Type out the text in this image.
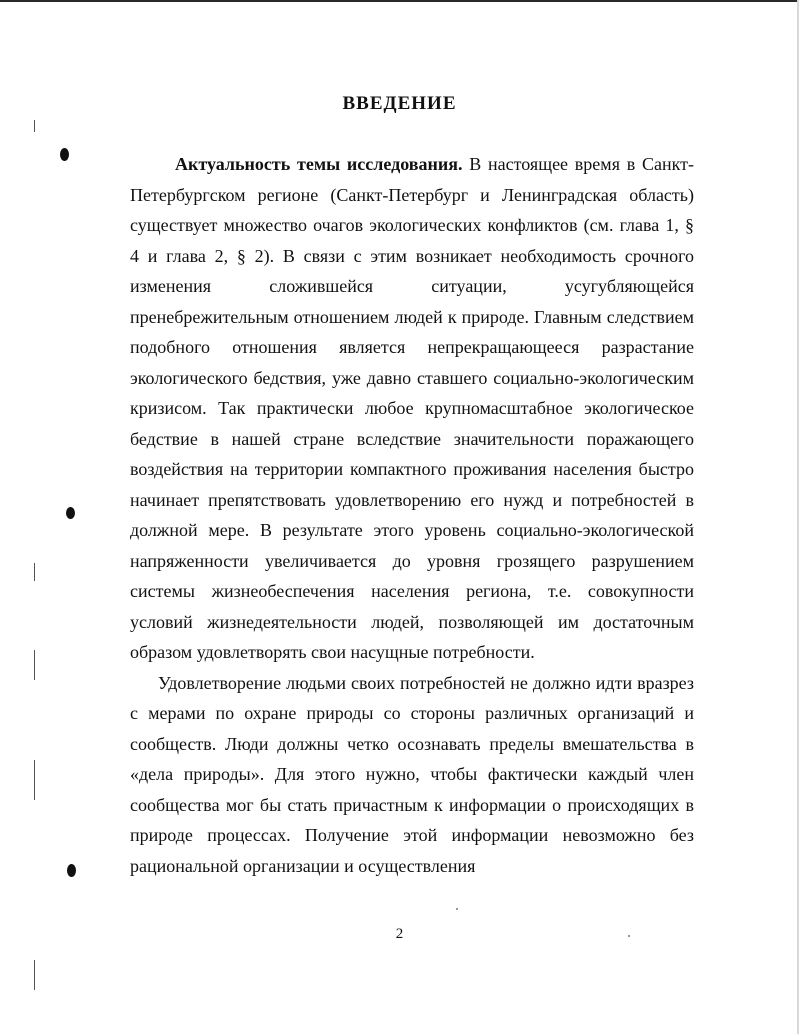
ВВЕДЕНИЕ

Актуальность темы исследования. В настоящее время в Санкт-Петербургском регионе (Санкт-Петербург и Ленинградская область) существует множество очагов экологических конфликтов (см. глава 1, § 4 и глава 2, § 2). В связи с этим возникает необходимость срочного изменения сложившейся ситуации, усугубляющейся пренебрежительным отношением людей к природе. Главным следствием подобного отношения является непрекращающееся разрастание экологического бедствия, уже давно ставшего социально-экологическим кризисом. Так практически любое крупномасштабное экологическое бедствие в нашей стране вследствие значительности поражающего воздействия на территории компактного проживания населения быстро начинает препятствовать удовлетворению его нужд и потребностей в должной мере. В результате этого уровень социально-экологической напряженности увеличивается до уровня грозящего разрушением системы жизнеобеспечения населения региона, т.е. совокупности условий жизнедеятельности людей, позволяющей им достаточным образом удовлетворять свои насущные потребности.

Удовлетворение людьми своих потребностей не должно идти вразрез с мерами по охране природы со стороны различных организаций и сообществ. Люди должны четко осознавать пределы вмешательства в «дела природы». Для этого нужно, чтобы фактически каждый член сообщества мог бы стать причастным к информации о происходящих в природе процессах. Получение этой информации невозможно без рациональной организации и осуществления

2
